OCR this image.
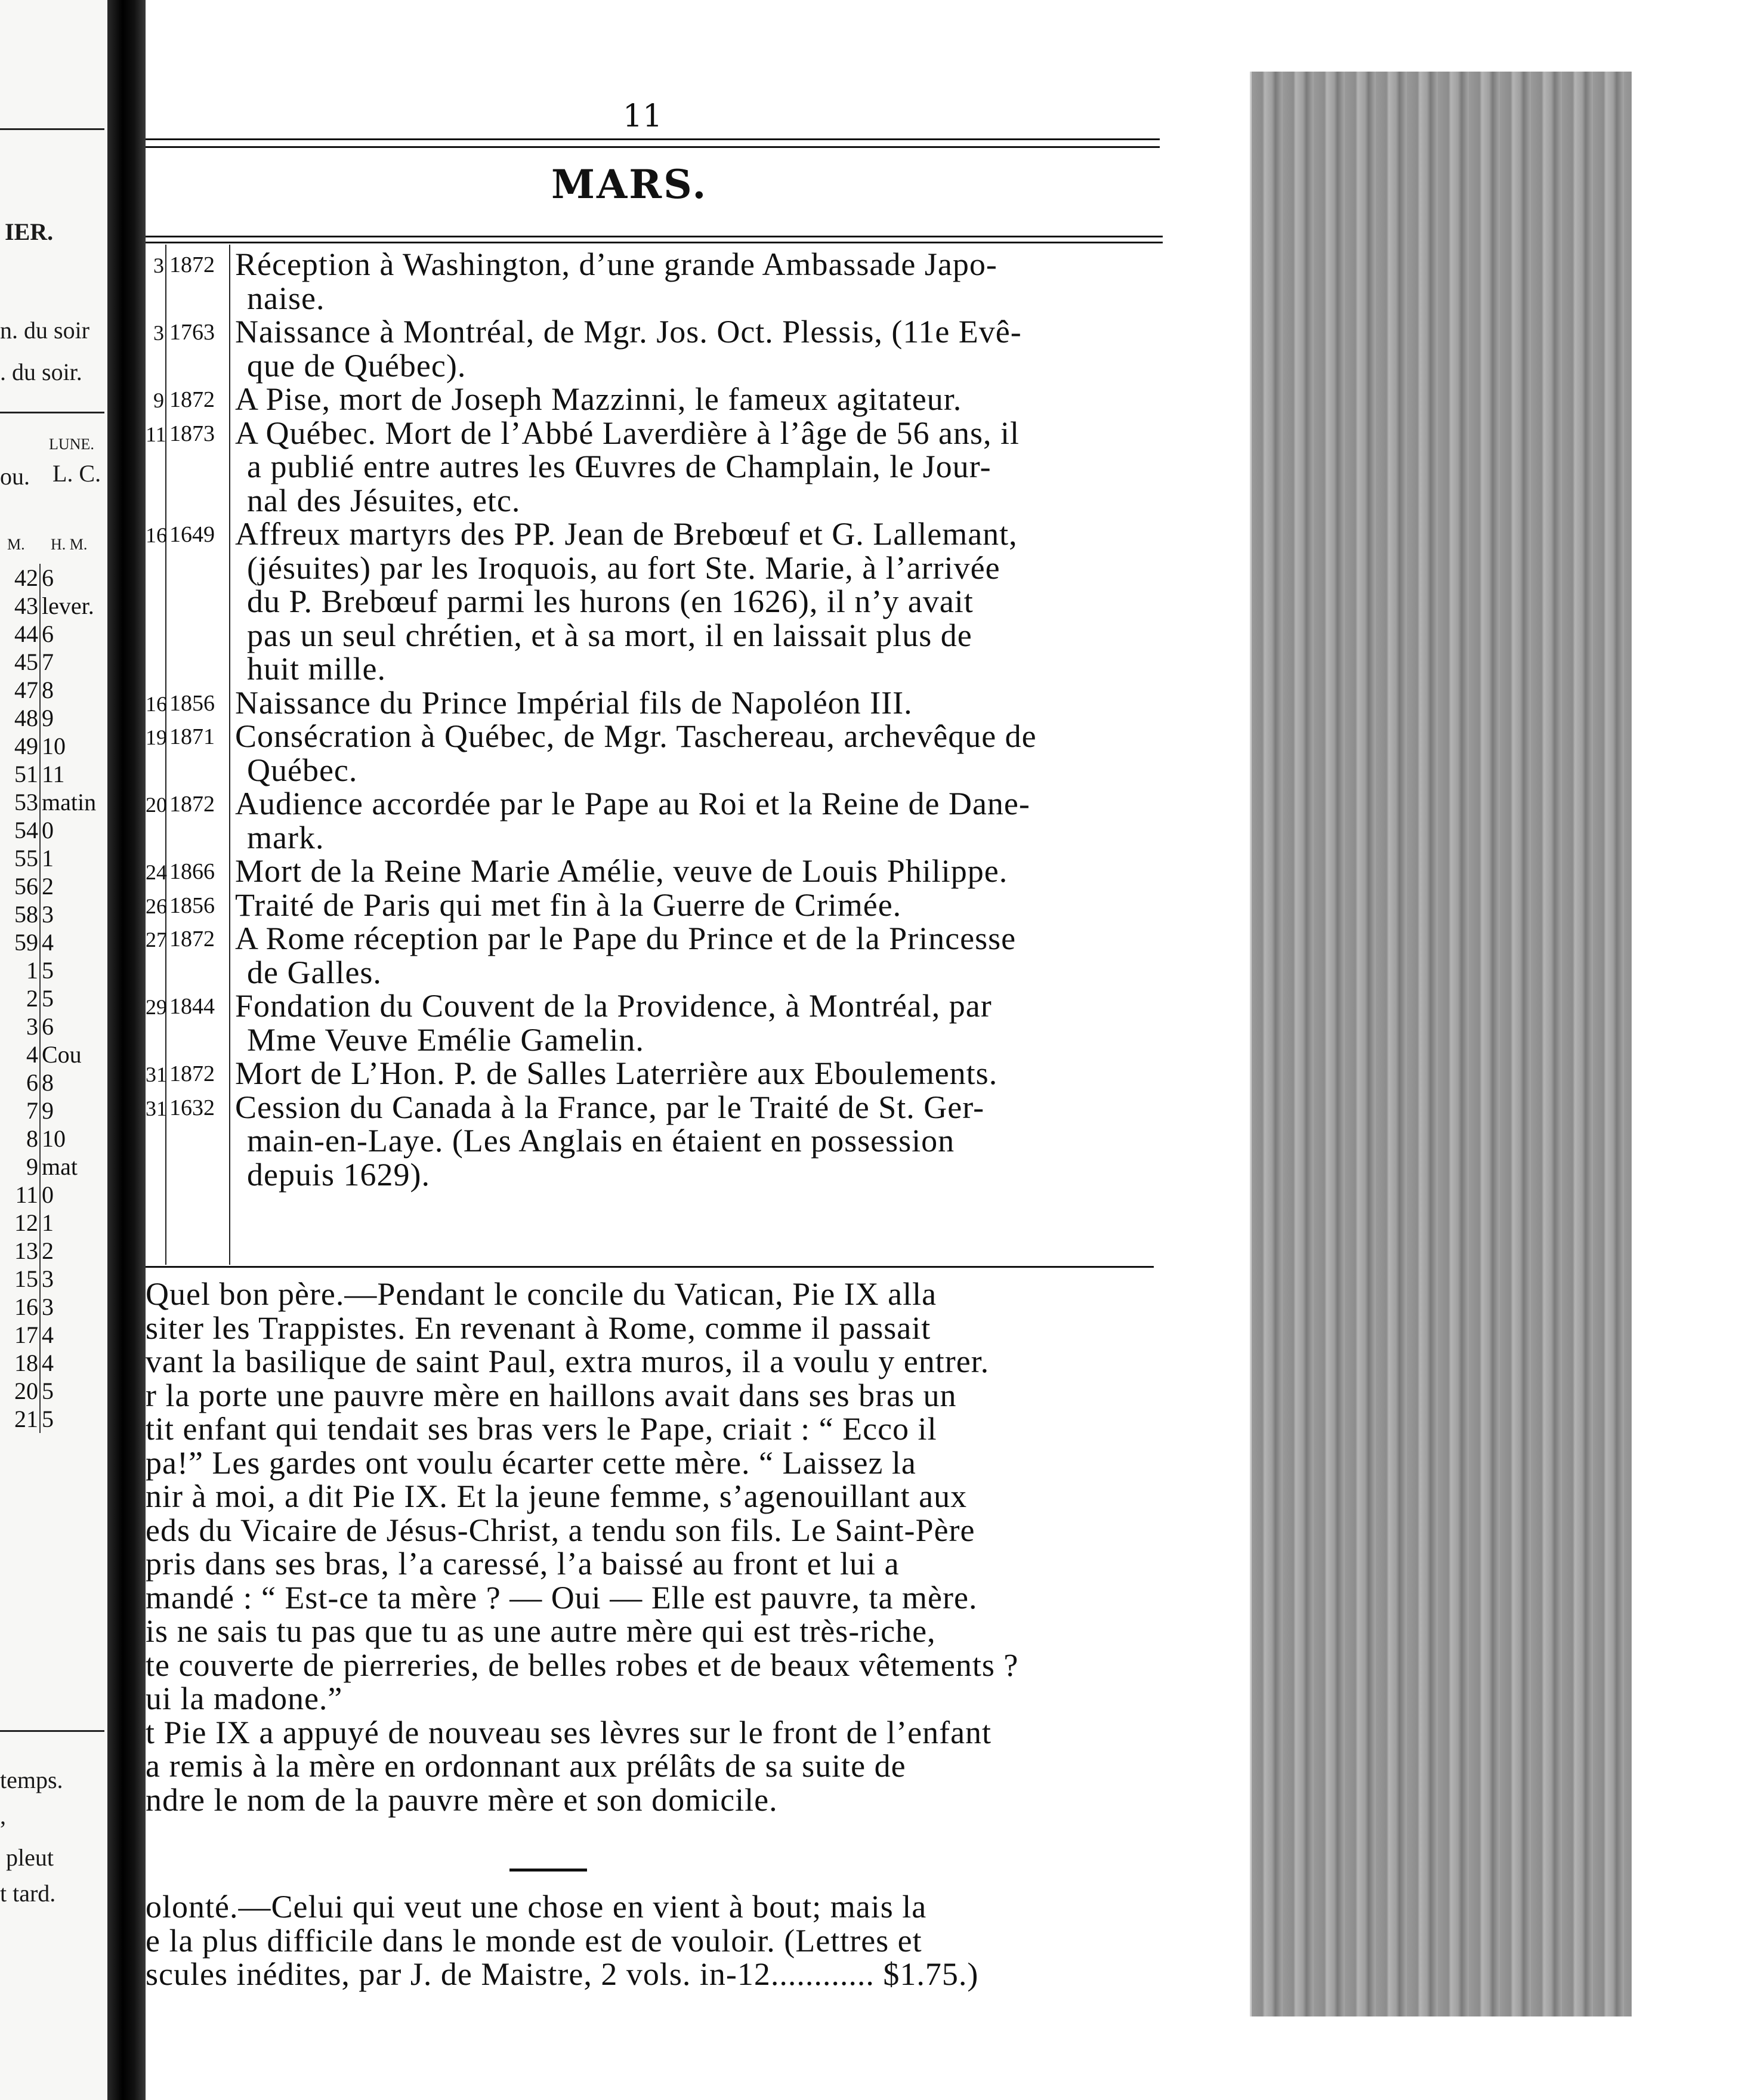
IER.
n. du soir
. du soir.
LUNE.
L. C.
ou.
M. H. M.
42	6
43	lever.
44	6
45	7
47	8
48	9
49	10
51	11
53	matin
54	0
55	1
56	2
58	3
59	4
1	5
2	5
3	6
4	Cou
6	8
7	9
8	10
9	mat
11	0
12	1
13	2
15	3
16	3
17	4
18	4
20	5
21	5
temps.
,
pleut
t tard.
11
MARS.
3 1872 Réception à Washington, d’une grande Ambassade Japo-
naise.
3 1763 Naissance à Montréal, de Mgr. Jos. Oct. Plessis, (11e Evê-
que de Québec).
9 1872 A Pise, mort de Joseph Mazzinni, le fameux agitateur.
11 1873 A Québec. Mort de l’Abbé Laverdière à l’âge de 56 ans, il
a publié entre autres les Œuvres de Champlain, le Jour-
nal des Jésuites, etc.
16 1649 Affreux martyrs des PP. Jean de Brebœuf et G. Lallemant,
(jésuites) par les Iroquois, au fort Ste. Marie, à l’arrivée
du P. Brebœuf parmi les hurons (en 1626), il n’y avait
pas un seul chrétien, et à sa mort, il en laissait plus de
huit mille.
16 1856 Naissance du Prince Impérial fils de Napoléon III.
19 1871 Consécration à Québec, de Mgr. Taschereau, archevêque de
Québec.
20 1872 Audience accordée par le Pape au Roi et la Reine de Dane-
mark.
24 1866 Mort de la Reine Marie Amélie, veuve de Louis Philippe.
26 1856 Traité de Paris qui met fin à la Guerre de Crimée.
27 1872 A Rome réception par le Pape du Prince et de la Princesse
de Galles.
29 1844 Fondation du Couvent de la Providence, à Montréal, par
Mme Veuve Emélie Gamelin.
31 1872 Mort de L’Hon. P. de Salles Laterrière aux Eboulements.
31 1632 Cession du Canada à la France, par le Traité de St. Ger-
main-en-Laye. (Les Anglais en étaient en possession
depuis 1629).
Quel bon père.—Pendant le concile du Vatican, Pie IX alla
siter les Trappistes. En revenant à Rome, comme il passait
vant la basilique de saint Paul, extra muros, il a voulu y entrer.
r la porte une pauvre mère en haillons avait dans ses bras un
tit enfant qui tendait ses bras vers le Pape, criait : “ Ecco il
pa!” Les gardes ont voulu écarter cette mère. “ Laissez la
nir à moi, a dit Pie IX. Et la jeune femme, s’agenouillant aux
eds du Vicaire de Jésus-Christ, a tendu son fils. Le Saint-Père
pris dans ses bras, l’a caressé, l’a baissé au front et lui a
mandé : “ Est-ce ta mère ? — Oui — Elle est pauvre, ta mère.
is ne sais tu pas que tu as une autre mère qui est très-riche,
te couverte de pierreries, de belles robes et de beaux vêtements ?
ui la madone.”
t Pie IX a appuyé de nouveau ses lèvres sur le front de l’enfant
a remis à la mère en ordonnant aux prélâts de sa suite de
ndre le nom de la pauvre mère et son domicile.
olonté.—Celui qui veut une chose en vient à bout; mais la
e la plus difficile dans le monde est de vouloir. (Lettres et
scules inédites, par J. de Maistre, 2 vols. in-12............ $1.75.)
